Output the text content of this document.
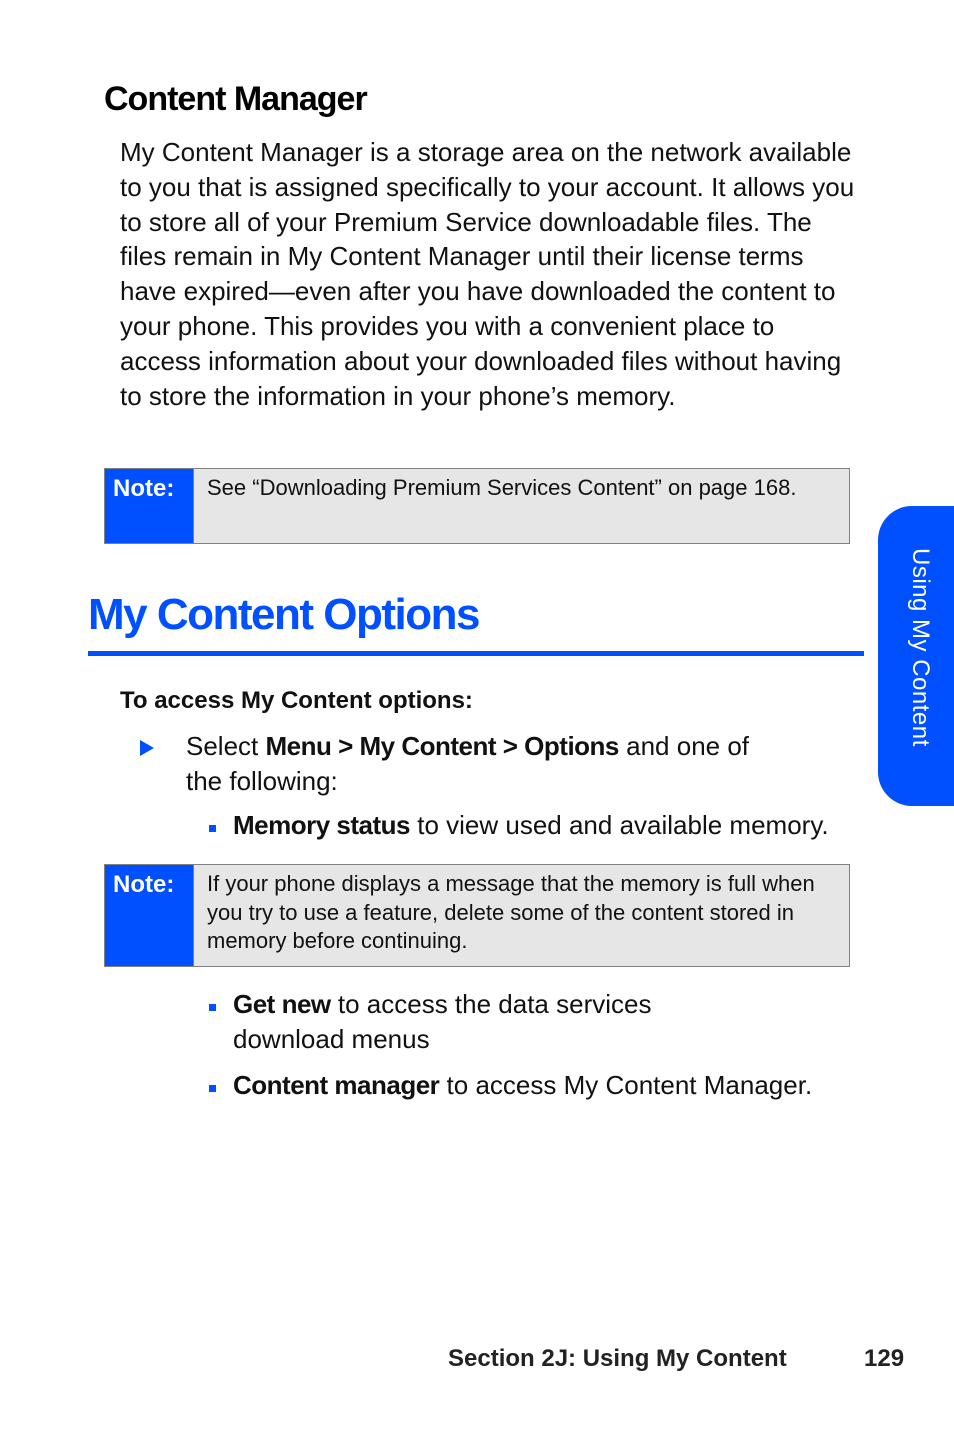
Content Manager
My Content Manager is a storage area on the network available to you that is assigned specifically to your account. It allows you to store all of your Premium Service downloadable files. The files remain in My Content Manager until their license terms have expired—even after you have downloaded the content to your phone. This provides you with a convenient place to access information about your downloaded files without having to store the information in your phone’s memory.
Note:	See “Downloading Premium Services Content” on page 168.
My Content Options
To access My Content options:
Select Menu > My Content > Options and one of the following:
Memory status to view used and available memory.
Note:	If your phone displays a message that the memory is full when you try to use a feature, delete some of the content stored in memory before continuing.
Get new to access the data services download menus
Content manager to access My Content Manager.
Using My Content
Section 2J: Using My Content	129
